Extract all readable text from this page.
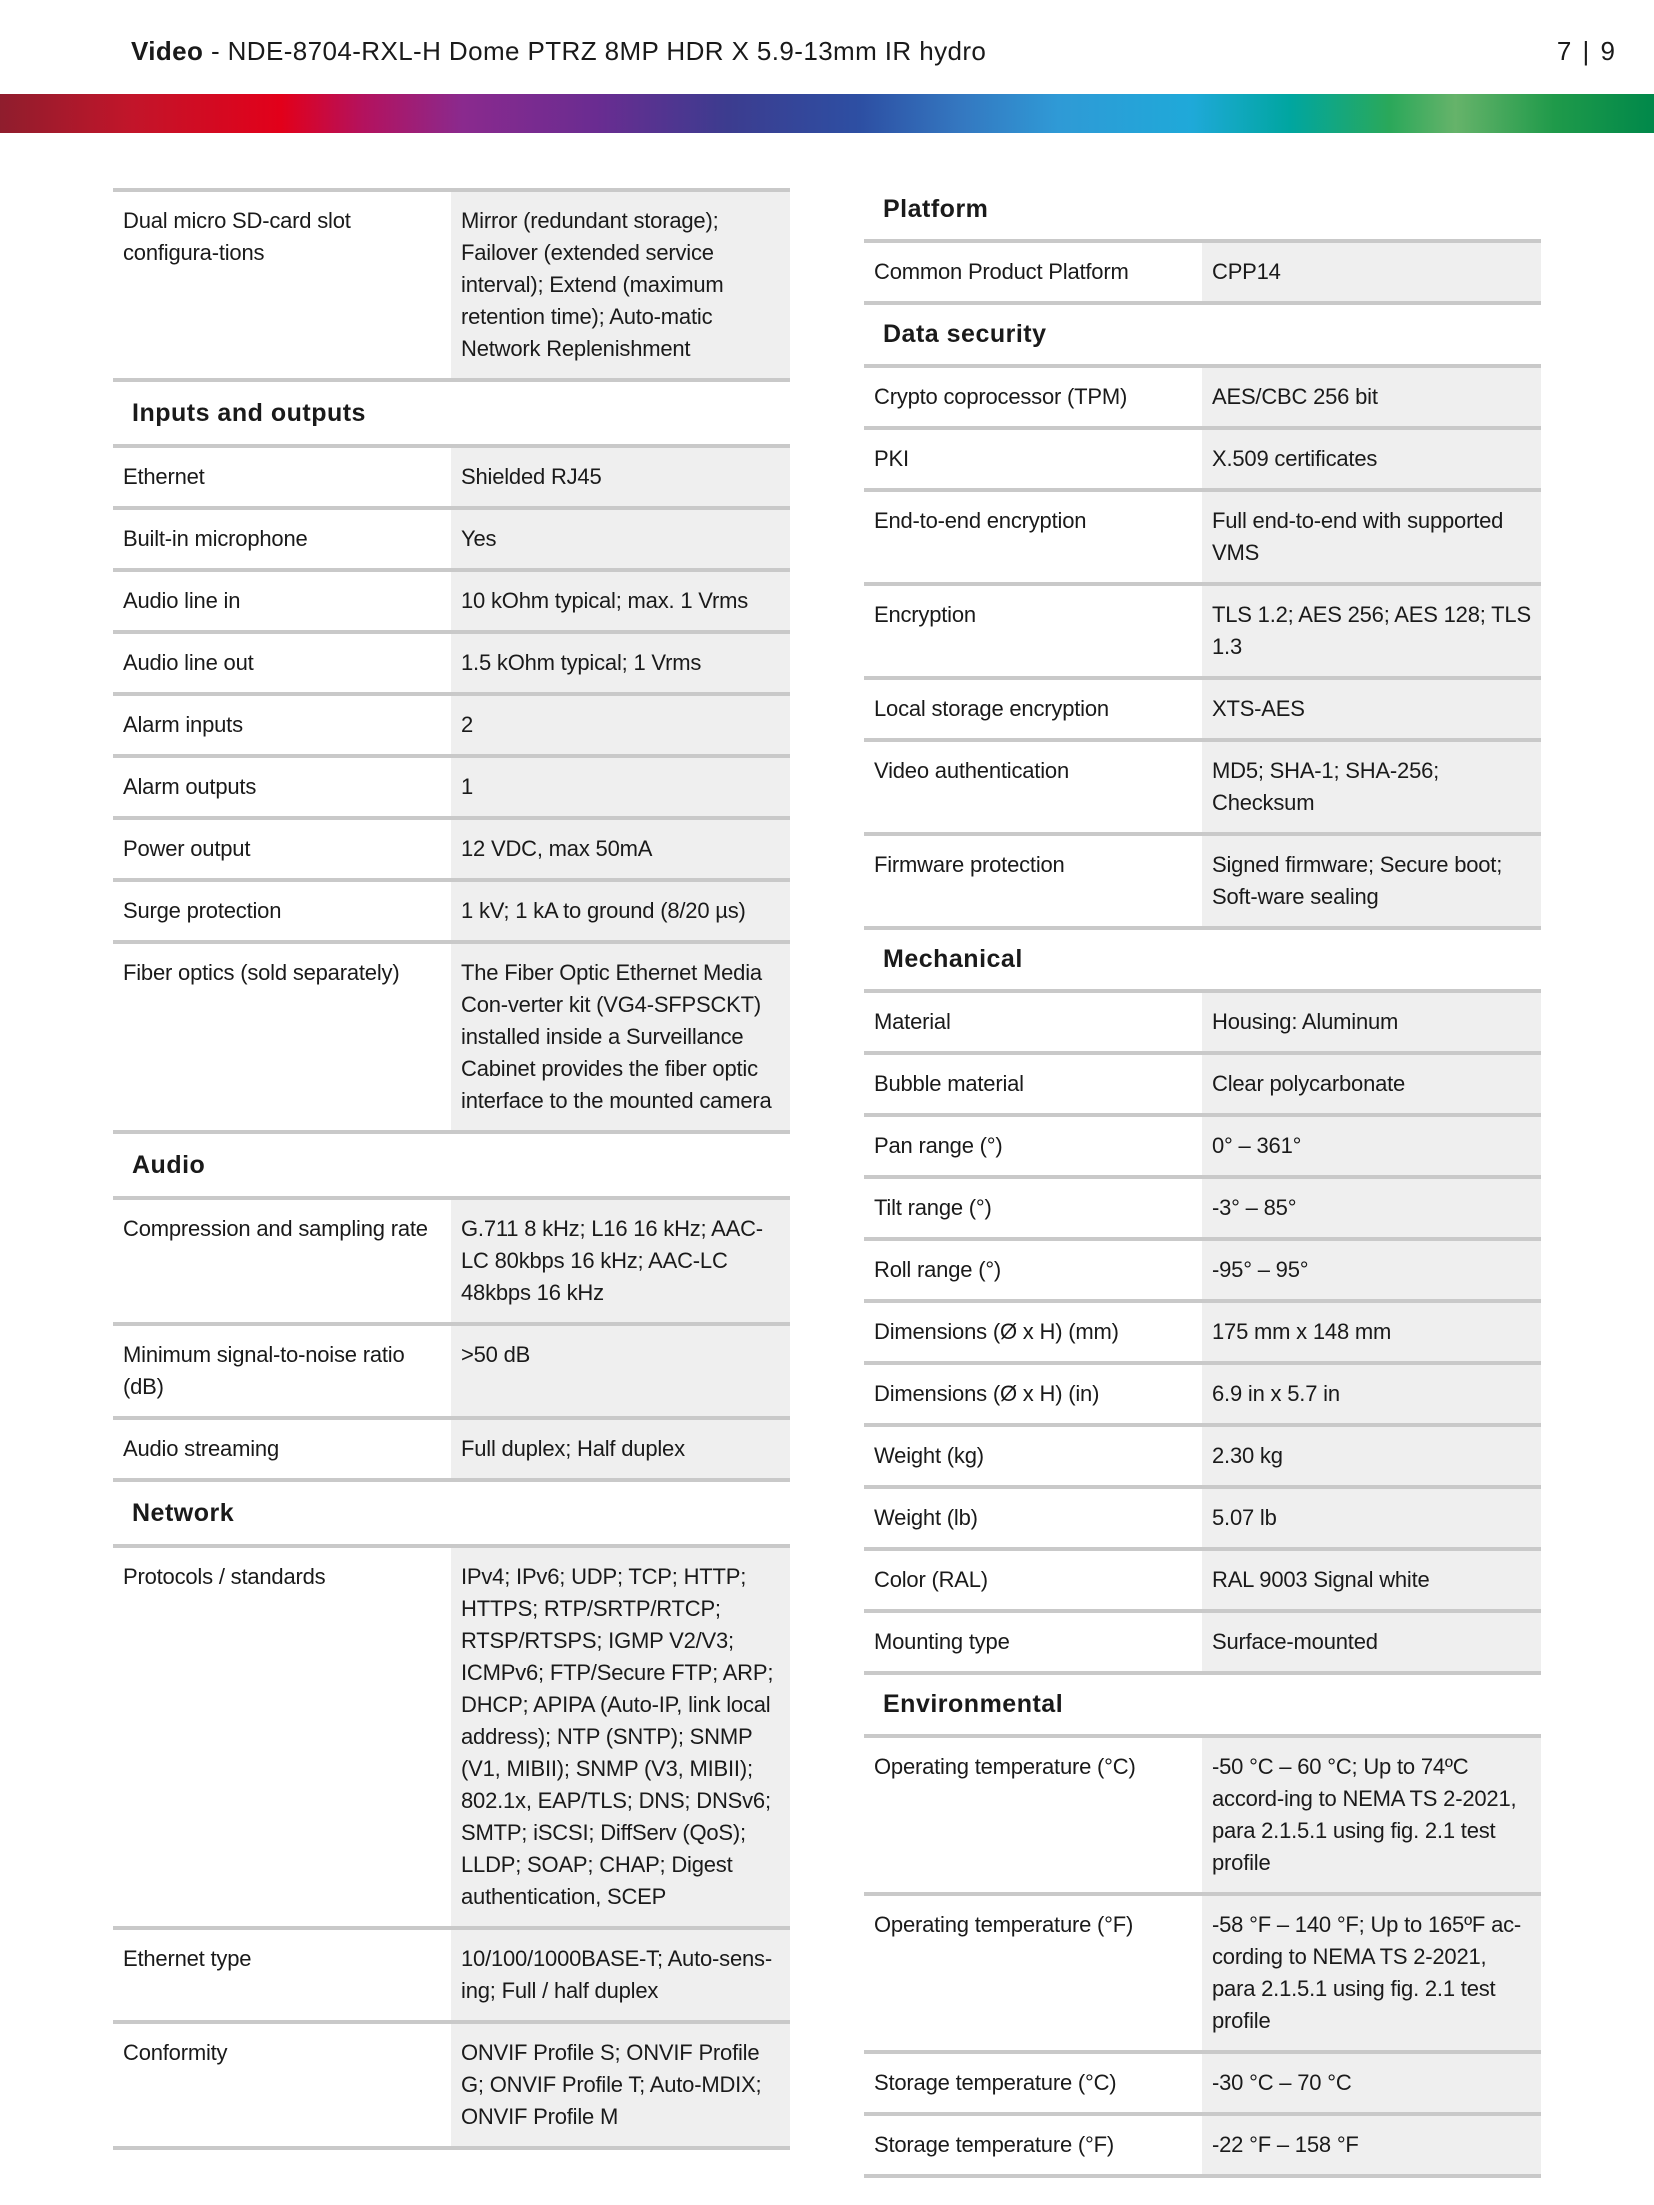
Video - NDE-8704-RXL-H Dome PTRZ 8MP HDR X 5.9-13mm IR hydro	7 | 9
Dual micro SD-card slot configura-tions	Mirror (redundant storage); Failover (extended service interval); Extend (maximum retention time); Auto-matic Network Replenishment
Inputs and outputs
Ethernet	Shielded RJ45
Built-in microphone	Yes
Audio line in	10 kOhm typical; max. 1 Vrms
Audio line out	1.5 kOhm typical; 1 Vrms
Alarm inputs	2
Alarm outputs	1
Power output	12 VDC, max 50mA
Surge protection	1 kV; 1 kA to ground (8/20 µs)
Fiber optics (sold separately)	The Fiber Optic Ethernet Media Con-verter kit (VG4-SFPSCKT) installed inside a Surveillance Cabinet provides the fiber optic interface to the mounted camera
Audio
Compression and sampling rate	G.711 8 kHz; L16 16 kHz; AAC-LC 80kbps 16 kHz; AAC-LC 48kbps 16 kHz
Minimum signal-to-noise ratio (dB)	>50 dB
Audio streaming	Full duplex; Half duplex
Network
Protocols / standards	IPv4; IPv6; UDP; TCP; HTTP; HTTPS; RTP/SRTP/RTCP; RTSP/RTSPS; IGMP V2/V3; ICMPv6; FTP/Secure FTP; ARP; DHCP; APIPA (Auto-IP, link local address); NTP (SNTP); SNMP (V1, MIBII); SNMP (V3, MIBII); 802.1x, EAP/TLS; DNS; DNSv6; SMTP; iSCSI; DiffServ (QoS); LLDP; SOAP; CHAP; Digest authentication, SCEP
Ethernet type	10/100/1000BASE-T; Auto-sens-ing; Full / half duplex
Conformity	ONVIF Profile S; ONVIF Profile G; ONVIF Profile T; Auto-MDIX; ONVIF Profile M
Platform
Common Product Platform	CPP14
Data security
Crypto coprocessor (TPM)	AES/CBC 256 bit
PKI	X.509 certificates
End-to-end encryption	Full end-to-end with supported VMS
Encryption	TLS 1.2; AES 256; AES 128; TLS 1.3
Local storage encryption	XTS-AES
Video authentication	MD5; SHA-1; SHA-256; Checksum
Firmware protection	Signed firmware; Secure boot; Soft-ware sealing
Mechanical
Material	Housing: Aluminum
Bubble material	Clear polycarbonate
Pan range (°)	0° – 361°
Tilt range (°)	-3° – 85°
Roll range (°)	-95° – 95°
Dimensions (Ø x H) (mm)	175 mm x 148 mm
Dimensions (Ø x H) (in)	6.9 in x 5.7 in
Weight (kg)	2.30 kg
Weight (lb)	5.07 lb
Color (RAL)	RAL 9003 Signal white
Mounting type	Surface-mounted
Environmental
Operating temperature (°C)	-50 °C – 60 °C; Up to 74ºC accord-ing to NEMA TS 2-2021, para 2.1.5.1 using fig. 2.1 test profile
Operating temperature (°F)	-58 °F – 140 °F; Up to 165ºF ac-cording to NEMA TS 2-2021, para 2.1.5.1 using fig. 2.1 test profile
Storage temperature (°C)	-30 °C – 70 °C
Storage temperature (°F)	-22 °F – 158 °F
